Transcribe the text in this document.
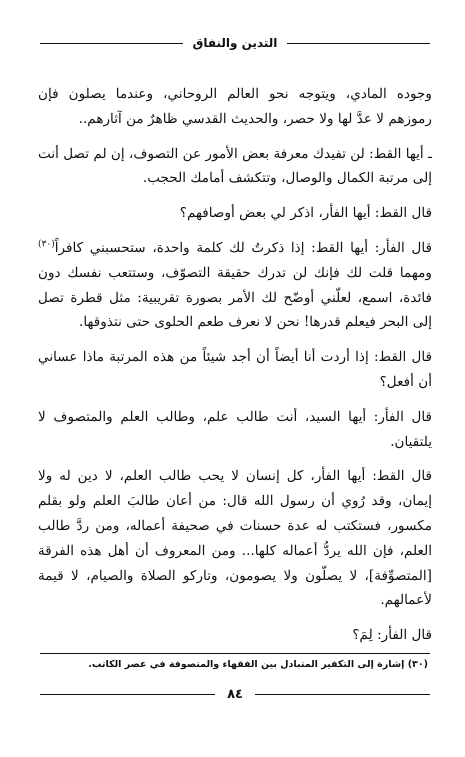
التدين والنفاق

وجوده المادي، ويتوجه نحو العالم الروحاني، وعندما يصلون فإن رموزهم لا عدَّ لها ولا حصر، والحديث القدسي ظاهرٌ من آثارهم..

ـ أيها القط: لن تفيدك معرفة بعض الأمور عن التصوف، إن لم تصل أنت إلى مرتبة الكمال والوصال، وتتكشف أمامك الحجب.

قال القط: أيها الفأر، اذكر لي بعض أوصافهم؟

قال الفأر: أيها القط: إذا ذكرتُ لك كلمة واحدة، ستحسبني كافراً$^{(٣٠)}$ ومهما قلت لك فإنك لن تدرك حقيقة التصوّف، وستتعب نفسك دون فائدة، اسمع، لعلّني أوضّح لك الأمر بصورة تقريبية: مثل قطرة تصل إلى البحر فيعلم قدرها! نحن لا نعرف طعم الحلوى حتى نتذوقها.

قال القط: إذا أردت أنا أيضاً أن أجد شيئاً من هذه المرتبة ماذا عساني أن أفعل؟

قال الفأر: أيها السيد، أنت طالب علم، وطالب العلم والمتصوف لا يلتقيان.

قال القط: أيها الفأر، كل إنسان لا يحب طالب العلم، لا دين له ولا إيمان، وقد رُوي أن رسول الله قال: من أعان طالبَ العلم ولو بقلم مكسور، فستكتب له عدة حسنات في صحيفة أعماله، ومن ردَّ طالب العلم، فإن الله يردُّ أعماله كلها... ومن المعروف أن أهل هذه الفرقة [المتصوِّفة]، لا يصلّون ولا يصومون، وتاركو الصلاة والصيام، لا قيمة لأعمالهم.

قال الفأر: لِمَ؟

(٣٠) إشارة إلى التكفير المتبادل بين الفقهاء والمتصوفة في عصر الكاتب.
٨٤
